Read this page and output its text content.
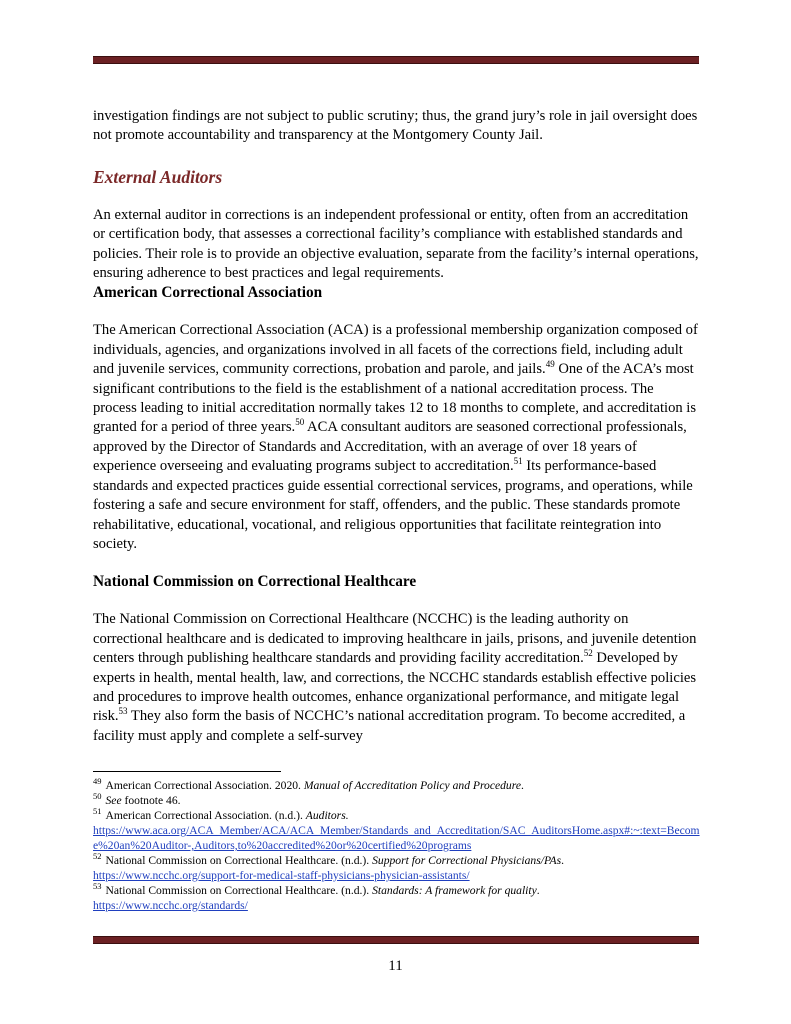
investigation findings are not subject to public scrutiny; thus, the grand jury’s role in jail oversight does not promote accountability and transparency at the Montgomery County Jail.

External Auditors

An external auditor in corrections is an independent professional or entity, often from an accreditation or certification body, that assesses a correctional facility’s compliance with established standards and policies. Their role is to provide an objective evaluation, separate from the facility’s internal operations, ensuring adherence to best practices and legal requirements.

American Correctional Association

The American Correctional Association (ACA) is a professional membership organization composed of individuals, agencies, and organizations involved in all facets of the corrections field, including adult and juvenile services, community corrections, probation and parole, and jails.$^{49}$ One of the ACA’s most significant contributions to the field is the establishment of a national accreditation process. The process leading to initial accreditation normally takes 12 to 18 months to complete, and accreditation is granted for a period of three years.$^{50}$ ACA consultant auditors are seasoned correctional professionals, approved by the Director of Standards and Accreditation, with an average of over 18 years of experience overseeing and evaluating programs subject to accreditation.$^{51}$ Its performance-based standards and expected practices guide essential correctional services, programs, and operations, while fostering a safe and secure environment for staff, offenders, and the public. These standards promote rehabilitative, educational, vocational, and religious opportunities that facilitate reintegration into society.

National Commission on Correctional Healthcare

The National Commission on Correctional Healthcare (NCCHC) is the leading authority on correctional healthcare and is dedicated to improving healthcare in jails, prisons, and juvenile detention centers through publishing healthcare standards and providing facility accreditation.$^{52}$ Developed by experts in health, mental health, law, and corrections, the NCCHC standards establish effective policies and procedures to improve health outcomes, enhance organizational performance, and mitigate legal risk.$^{53}$ They also form the basis of NCCHC’s national accreditation program. To become accredited, a facility must apply and complete a self-survey

$^{49}$ American Correctional Association. 2020. Manual of Accreditation Policy and Procedure.

$^{50}$ See footnote 46.

$^{51}$ American Correctional Association. (n.d.). Auditors.
https://www.aca.org/ACA_Member/ACA/ACA_Member/Standards_and_Accreditation/SAC_AuditorsHome.aspx#:~:text=Become%20an%20Auditor-,Auditors,to%20accredited%20or%20certified%20programs

$^{52}$ National Commission on Correctional Healthcare. (n.d.). Support for Correctional Physicians/PAs.
https://www.ncchc.org/support-for-medical-staff-physicians-physician-assistants/

$^{53}$ National Commission on Correctional Healthcare. (n.d.). Standards: A framework for quality.
https://www.ncchc.org/standards/

11
